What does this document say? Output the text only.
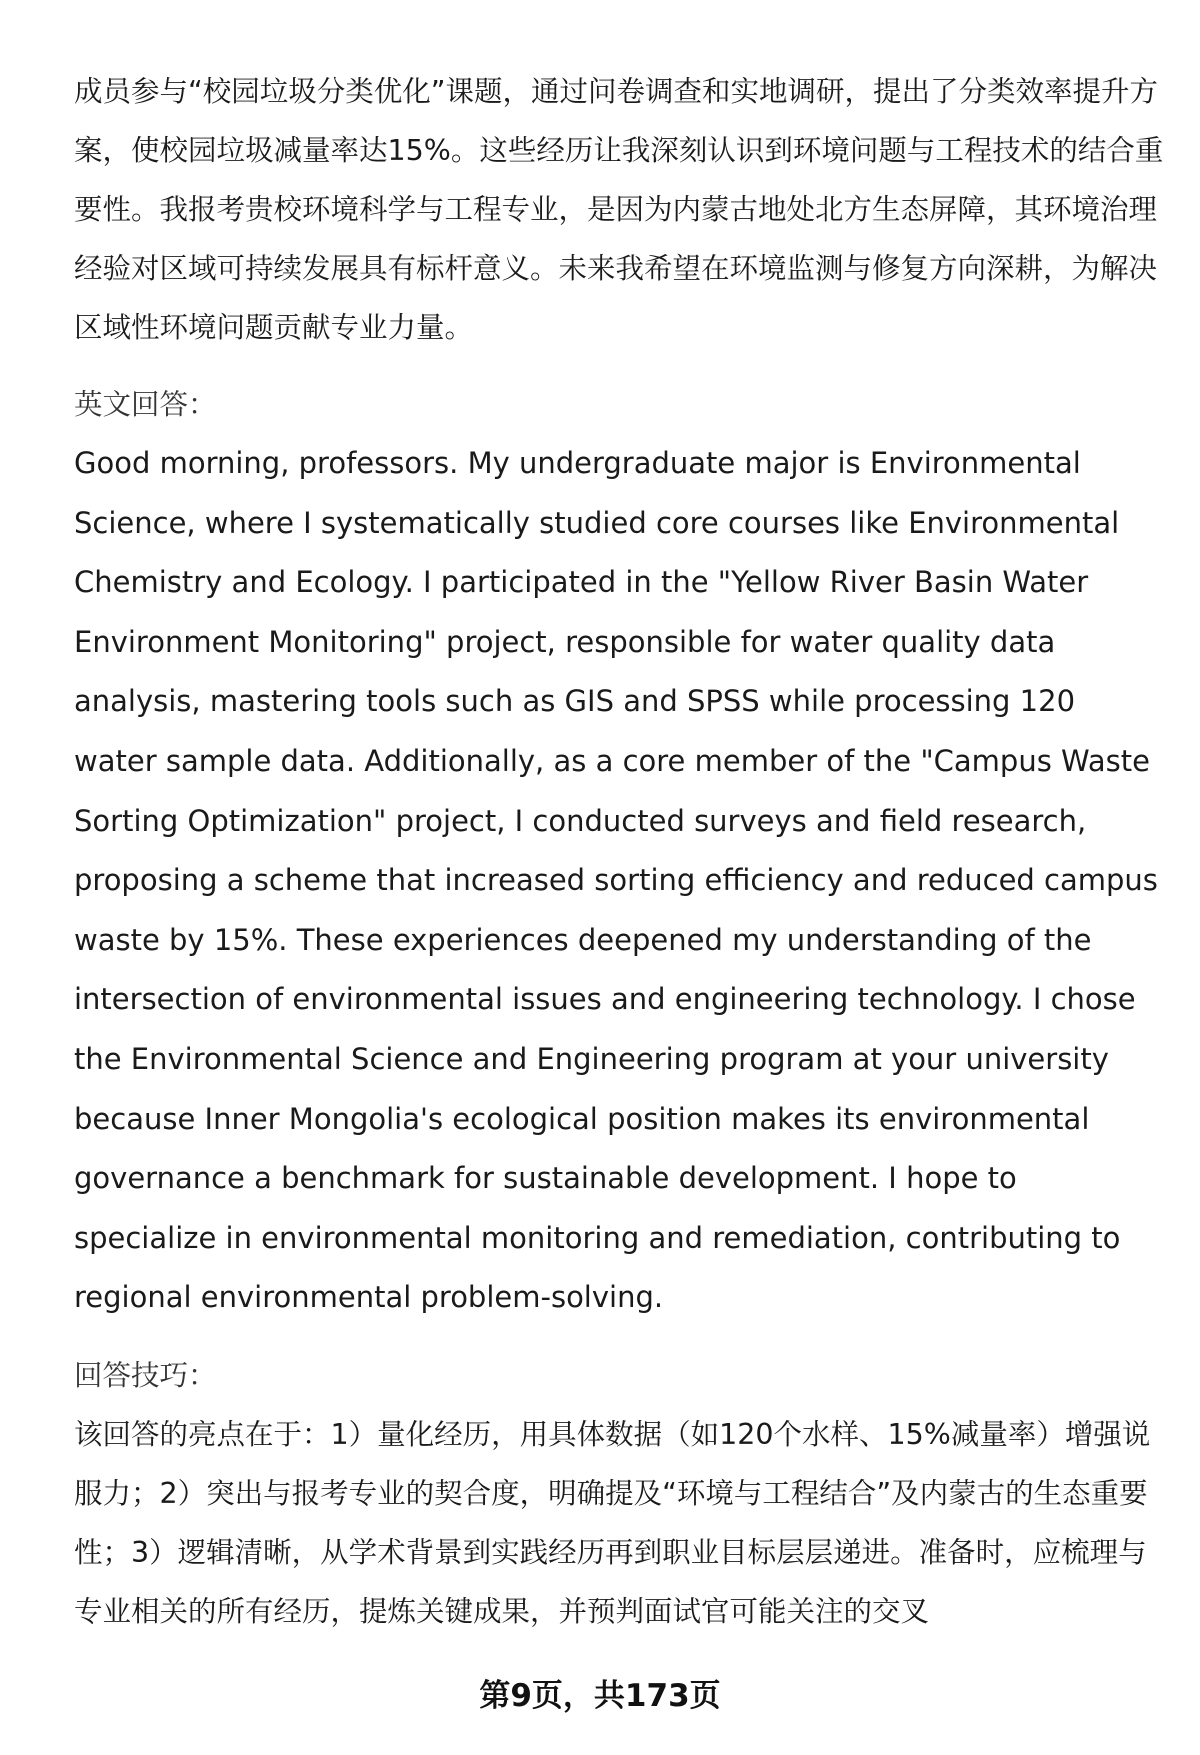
成员参与“校园垃圾分类优化”课题，通过问卷调查和实地调研，提出了分类效率提升方案，使校园垃圾减量率达15%。这些经历让我深刻认识到环境问题与工程技术的结合重要性。我报考贵校环境科学与工程专业，是因为内蒙古地处北方生态屏障，其环境治理经验对区域可持续发展具有标杆意义。未来我希望在环境监测与修复方向深耕，为解决区域性环境问题贡献专业力量。

英文回答：

Good morning, professors. My undergraduate major is Environmental Science, where I systematically studied core courses like Environmental Chemistry and Ecology. I participated in the "Yellow River Basin Water Environment Monitoring" project, responsible for water quality data analysis, mastering tools such as GIS and SPSS while processing 120 water sample data. Additionally, as a core member of the "Campus Waste Sorting Optimization" project, I conducted surveys and field research, proposing a scheme that increased sorting efficiency and reduced campus waste by 15%. These experiences deepened my understanding of the intersection of environmental issues and engineering technology. I chose the Environmental Science and Engineering program at your university because Inner Mongolia's ecological position makes its environmental governance a benchmark for sustainable development. I hope to specialize in environmental monitoring and remediation, contributing to regional environmental problem-solving.

回答技巧：

该回答的亮点在于：1）量化经历，用具体数据（如120个水样、15%减量率）增强说服力；2）突出与报考专业的契合度，明确提及“环境与工程结合”及内蒙古的生态重要性；3）逻辑清晰，从学术背景到实践经历再到职业目标层层递进。准备时，应梳理与专业相关的所有经历，提炼关键成果，并预判面试官可能关注的交叉

第9页，共173页
